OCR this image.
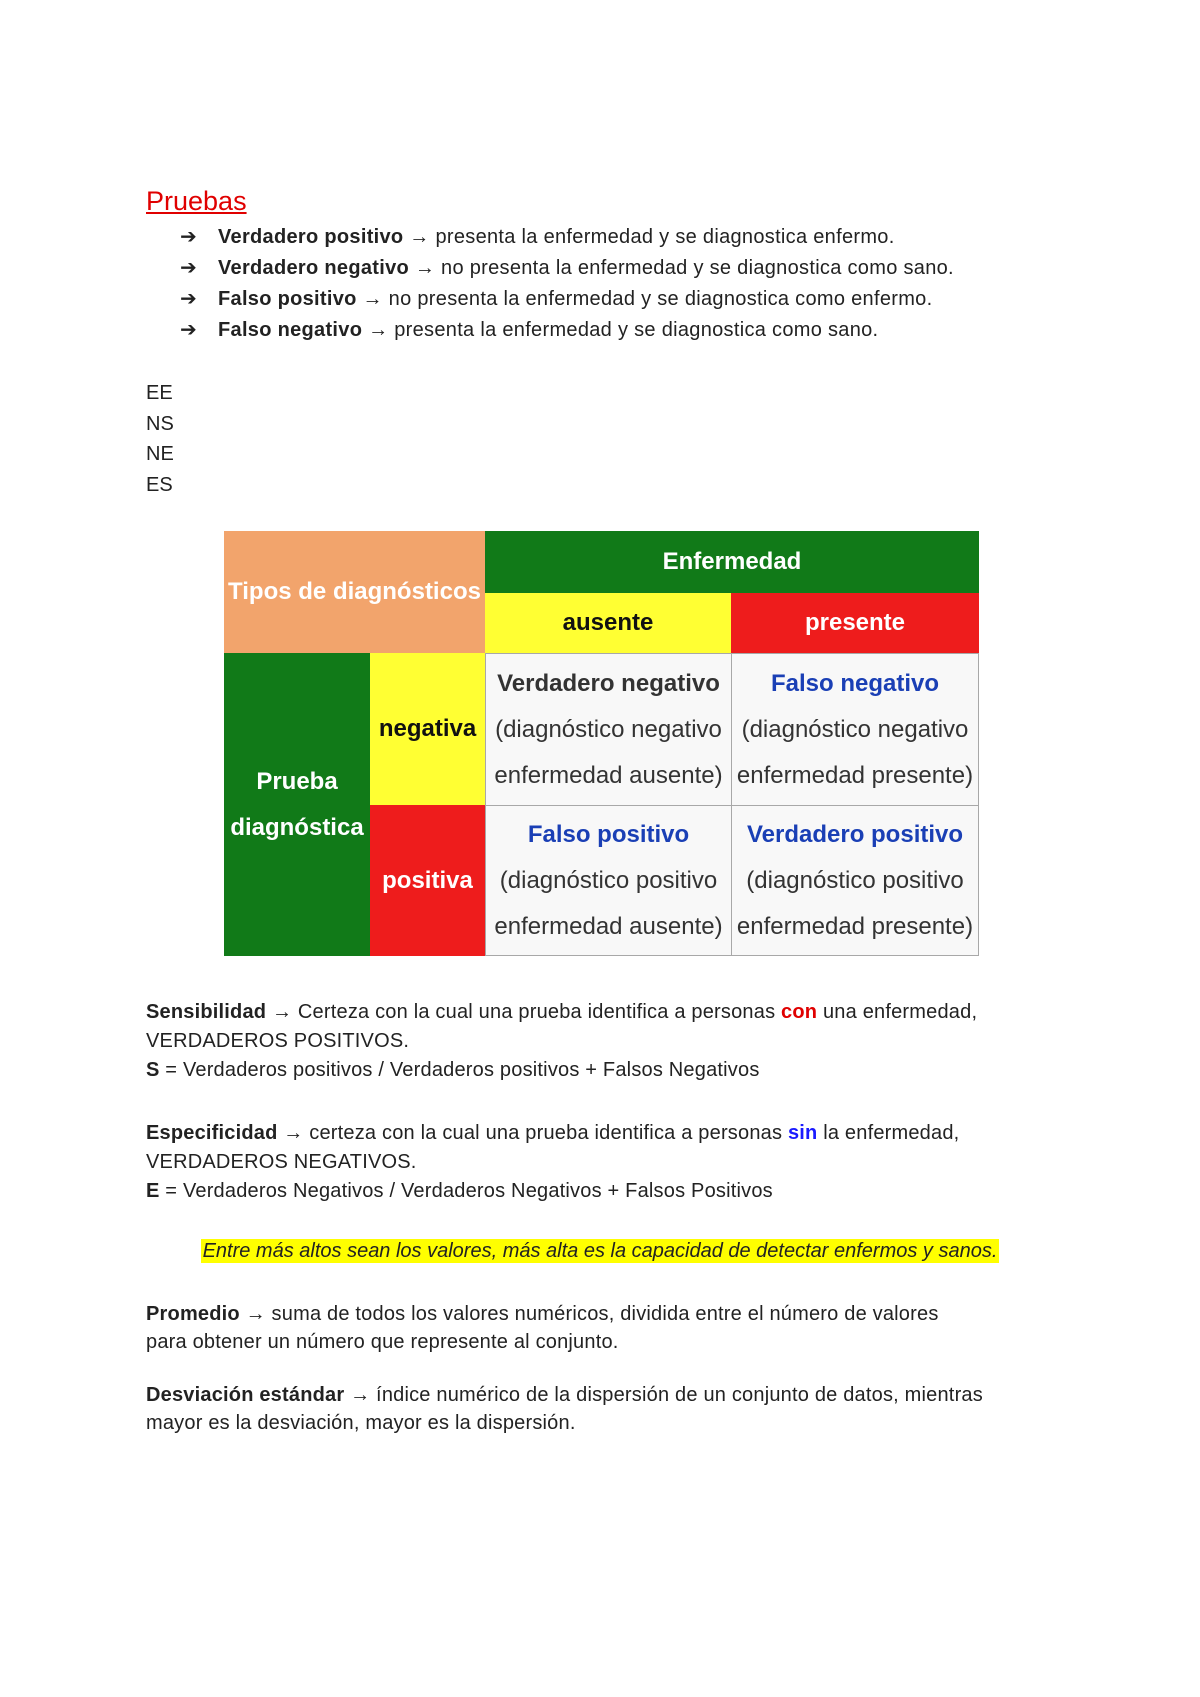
Pruebas
➔ Verdadero positivo → presenta la enfermedad y se diagnostica enfermo.
➔ Verdadero negativo → no presenta la enfermedad y se diagnostica como sano.
➔ Falso positivo → no presenta la enfermedad y se diagnostica como enfermo.
➔ Falso negativo → presenta la enfermedad y se diagnostica como sano.
EE
NS
NE
ES
Tipos de diagnósticos
Enfermedad
ausente	presente
Prueba
diagnóstica
negativa
positiva
Verdadero negativo
(diagnóstico negativo
enfermedad ausente)
Falso negativo
(diagnóstico negativo
enfermedad presente)
Falso positivo
(diagnóstico positivo
enfermedad ausente)
Verdadero positivo
(diagnóstico positivo
enfermedad presente)
Sensibilidad → Certeza con la cual una prueba identifica a personas con una enfermedad,
VERDADEROS POSITIVOS.
S = Verdaderos positivos / Verdaderos positivos + Falsos Negativos
Especificidad → certeza con la cual una prueba identifica a personas sin la enfermedad,
VERDADEROS NEGATIVOS.
E = Verdaderos Negativos / Verdaderos Negativos + Falsos Positivos
Entre más altos sean los valores, más alta es la capacidad de detectar enfermos y sanos.
Promedio → suma de todos los valores numéricos, dividida entre el número de valores
para obtener un número que represente al conjunto.
Desviación estándar → índice numérico de la dispersión de un conjunto de datos, mientras
mayor es la desviación, mayor es la dispersión.
